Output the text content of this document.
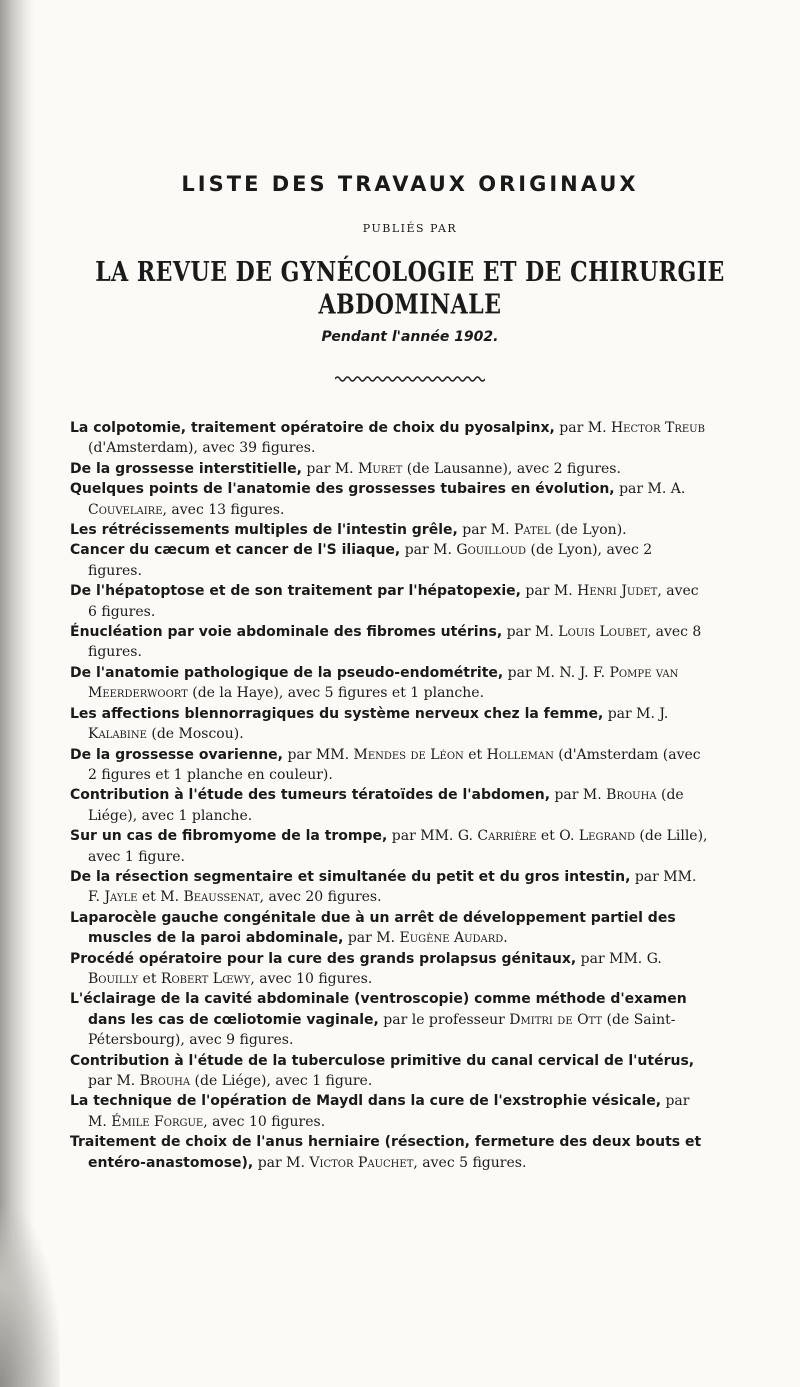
LISTE DES TRAVAUX ORIGINAUX
PUBLIÉS PAR
LA REVUE DE GYNÉCOLOGIE ET DE CHIRURGIE ABDOMINALE
Pendant l'année 1902.
La colpotomie, traitement opératoire de choix du pyosalpinx, par M. Hector Treub (d'Amsterdam), avec 39 figures.
De la grossesse interstitielle, par M. Muret (de Lausanne), avec 2 figures.
Quelques points de l'anatomie des grossesses tubaires en évolution, par M. A. Couvelaire, avec 13 figures.
Les rétrécissements multiples de l'intestin grêle, par M. Patel (de Lyon).
Cancer du cæcum et cancer de l'S iliaque, par M. Gouilloud (de Lyon), avec 2 figures.
De l'hépatoptose et de son traitement par l'hépatopexie, par M. Henri Judet, avec 6 figures.
Énucléation par voie abdominale des fibromes utérins, par M. Louis Loubet, avec 8 figures.
De l'anatomie pathologique de la pseudo-endométrite, par M. N. J. F. Pompe van Meerderwoort (de la Haye), avec 5 figures et 1 planche.
Les affections blennorragiques du système nerveux chez la femme, par M. J. Kalabine (de Moscou).
De la grossesse ovarienne, par MM. Mendes de Léon et Holleman (d'Amsterdam (avec 2 figures et 1 planche en couleur).
Contribution à l'étude des tumeurs tératoïdes de l'abdomen, par M. Brouha (de Liége), avec 1 planche.
Sur un cas de fibromyome de la trompe, par MM. G. Carrière et O. Legrand (de Lille), avec 1 figure.
De la résection segmentaire et simultanée du petit et du gros intestin, par MM. F. Jayle et M. Beaussenat, avec 20 figures.
Laparocèle gauche congénitale due à un arrêt de développement partiel des muscles de la paroi abdominale, par M. Eugène Audard.
Procédé opératoire pour la cure des grands prolapsus génitaux, par MM. G. Bouilly et Robert Lœwy, avec 10 figures.
L'éclairage de la cavité abdominale (ventroscopie) comme méthode d'examen dans les cas de cœliotomie vaginale, par le professeur Dmitri de Ott (de Saint-Pétersbourg), avec 9 figures.
Contribution à l'étude de la tuberculose primitive du canal cervical de l'utérus, par M. Brouha (de Liége), avec 1 figure.
La technique de l'opération de Maydl dans la cure de l'exstrophie vésicale, par M. Émile Forgue, avec 10 figures.
Traitement de choix de l'anus herniaire (résection, fermeture des deux bouts et entéro-anastomose), par M. Victor Pauchet, avec 5 figures.
